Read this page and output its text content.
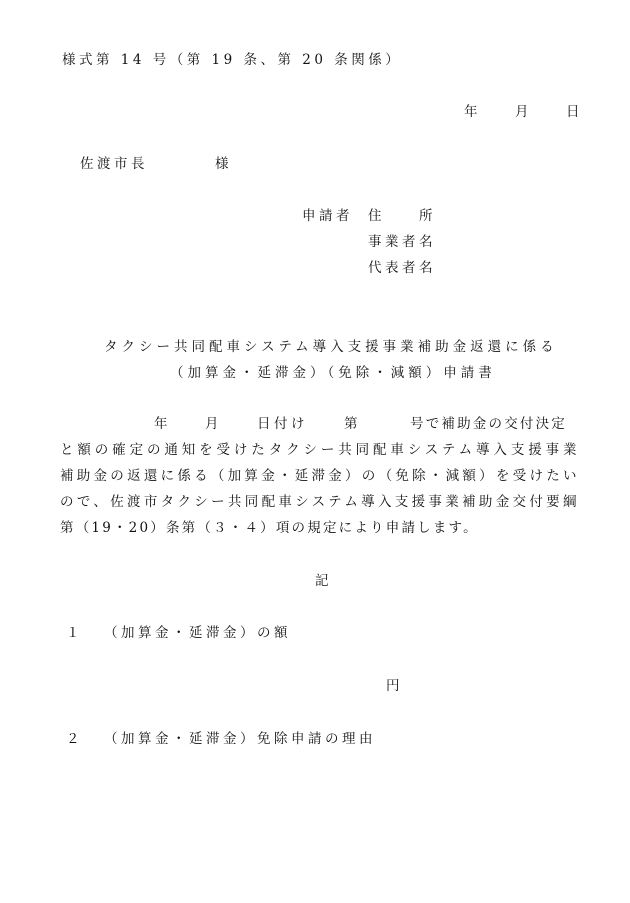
様式第 14 号（第 19 条、第 20 条関係）

年	月	日

佐渡市長	様

申請者 住　　所

事業者名

代表者名

タクシー共同配車システム導入支援事業補助金返還に係る

（加算金・延滞金）（免除・減額）申請書

年	月	日付け	第	号で補助金の交付決定

と額の確定の通知を受けたタクシー共同配車システム導入支援事業

補助金の返還に係る（加算金・延滞金）の（免除・減額）を受けたい

ので、佐渡市タクシー共同配車システム導入支援事業補助金交付要綱

第（19・20）条第（３・４）項の規定により申請します。

記

１ （加算金・延滞金）の額
円
２ （加算金・延滞金）免除申請の理由
